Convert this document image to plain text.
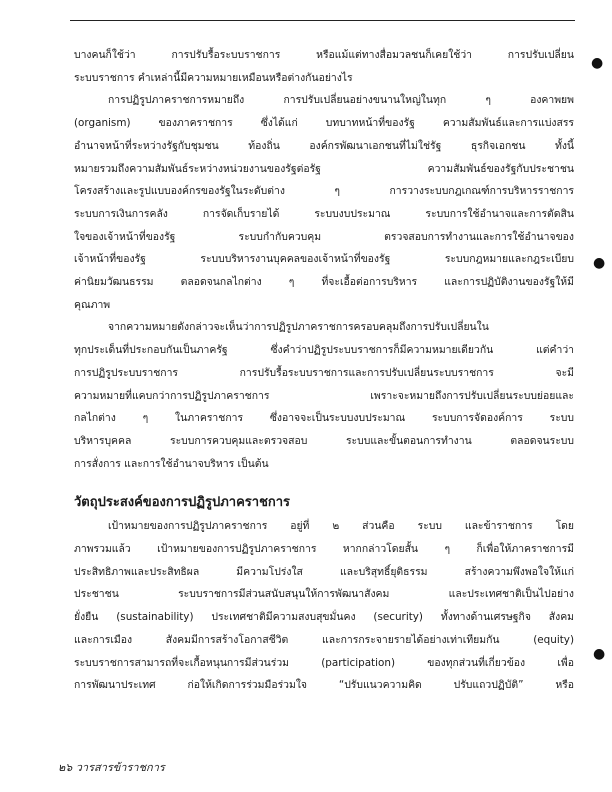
●
●
●
บางคนก็ใช้ว่า การปรับรื้อระบบราชการ หรือแม้แต่ทางสื่อมวลชนก็เคยใช้ว่า การปรับเปลี่ยน
ระบบราชการ คำเหล่านี้มีความหมายเหมือนหรือต่างกันอย่างไร
การปฏิรูปภาคราชการหมายถึง การปรับเปลี่ยนอย่างขนานใหญ่ในทุก ๆ องคาพยพ
(organism) ของภาคราชการ ซึ่งได้แก่ บทบาทหน้าที่ของรัฐ ความสัมพันธ์และการแบ่งสรร
อำนาจหน้าที่ระหว่างรัฐกับชุมชน ท้องถิ่น องค์กรพัฒนาเอกชนที่ไม่ใช่รัฐ ธุรกิจเอกชน ทั้งนี้
หมายรวมถึงความสัมพันธ์ระหว่างหน่วยงานของรัฐต่อรัฐ ความสัมพันธ์ของรัฐกับประชาชน
โครงสร้างและรูปแบบองค์กรของรัฐในระดับต่าง ๆ การวางระบบกฎเกณฑ์การบริหารราชการ
ระบบการเงินการคลัง การจัดเก็บรายได้ ระบบงบประมาณ ระบบการใช้อำนาจและการตัดสิน
ใจของเจ้าหน้าที่ของรัฐ ระบบกำกับควบคุม ตรวจสอบการทำงานและการใช้อำนาจของ
เจ้าหน้าที่ของรัฐ ระบบบริหารงานบุคคลของเจ้าหน้าที่ของรัฐ ระบบกฎหมายและกฎระเบียบ
ค่านิยมวัฒนธรรม ตลอดจนกลไกต่าง ๆ ที่จะเอื้อต่อการบริหาร และการปฏิบัติงานของรัฐให้มี
คุณภาพ
จากความหมายดังกล่าวจะเห็นว่าการปฏิรูปภาคราชการครอบคลุมถึงการปรับเปลี่ยนใน
ทุกประเด็นที่ประกอบกันเป็นภาครัฐ ซึ่งคำว่าปฏิรูประบบราชการก็มีความหมายเดียวกัน แต่คำว่า
การปฏิรูประบบราชการ การปรับรื้อระบบราชการและการปรับเปลี่ยนระบบราชการ จะมี
ความหมายที่แคบกว่าการปฏิรูปภาคราชการ เพราะจะหมายถึงการปรับเปลี่ยนระบบย่อยและ
กลไกต่าง ๆ ในภาคราชการ ซึ่งอาจจะเป็นระบบงบประมาณ ระบบการจัดองค์การ ระบบ
บริหารบุคคล ระบบการควบคุมและตรวจสอบ ระบบและขั้นตอนการทำงาน ตลอดจนระบบ
การสั่งการ และการใช้อำนาจบริหาร เป็นต้น
วัตถุประสงค์ของการปฏิรูปภาคราชการ
เป้าหมายของการปฏิรูปภาคราชการ อยู่ที่ ๒ ส่วนคือ ระบบ และข้าราชการ โดย
ภาพรวมแล้ว เป้าหมายของการปฏิรูปภาคราชการ หากกล่าวโดยสั้น ๆ ก็เพื่อให้ภาคราชการมี
ประสิทธิภาพและประสิทธิผล มีความโปร่งใส และบริสุทธิ์ยุติธรรม สร้างความพึงพอใจให้แก่
ประชาชน ระบบราชการมีส่วนสนับสนุนให้การพัฒนาสังคม และประเทศชาติเป็นไปอย่าง
ยั่งยืน (sustainability) ประเทศชาติมีความสงบสุขมั่นคง (security) ทั้งทางด้านเศรษฐกิจ สังคม
และการเมือง สังคมมีการสร้างโอกาสชีวิต และการกระจายรายได้อย่างเท่าเทียมกัน (equity)
ระบบราชการสามารถที่จะเกื้อหนุนการมีส่วนร่วม (participation) ของทุกส่วนที่เกี่ยวข้อง เพื่อ
การพัฒนาประเทศ ก่อให้เกิดการร่วมมือร่วมใจ “ปรับแนวความคิด ปรับแถวปฏิบัติ” หรือ
๒๖ วารสารข้าราชการ
